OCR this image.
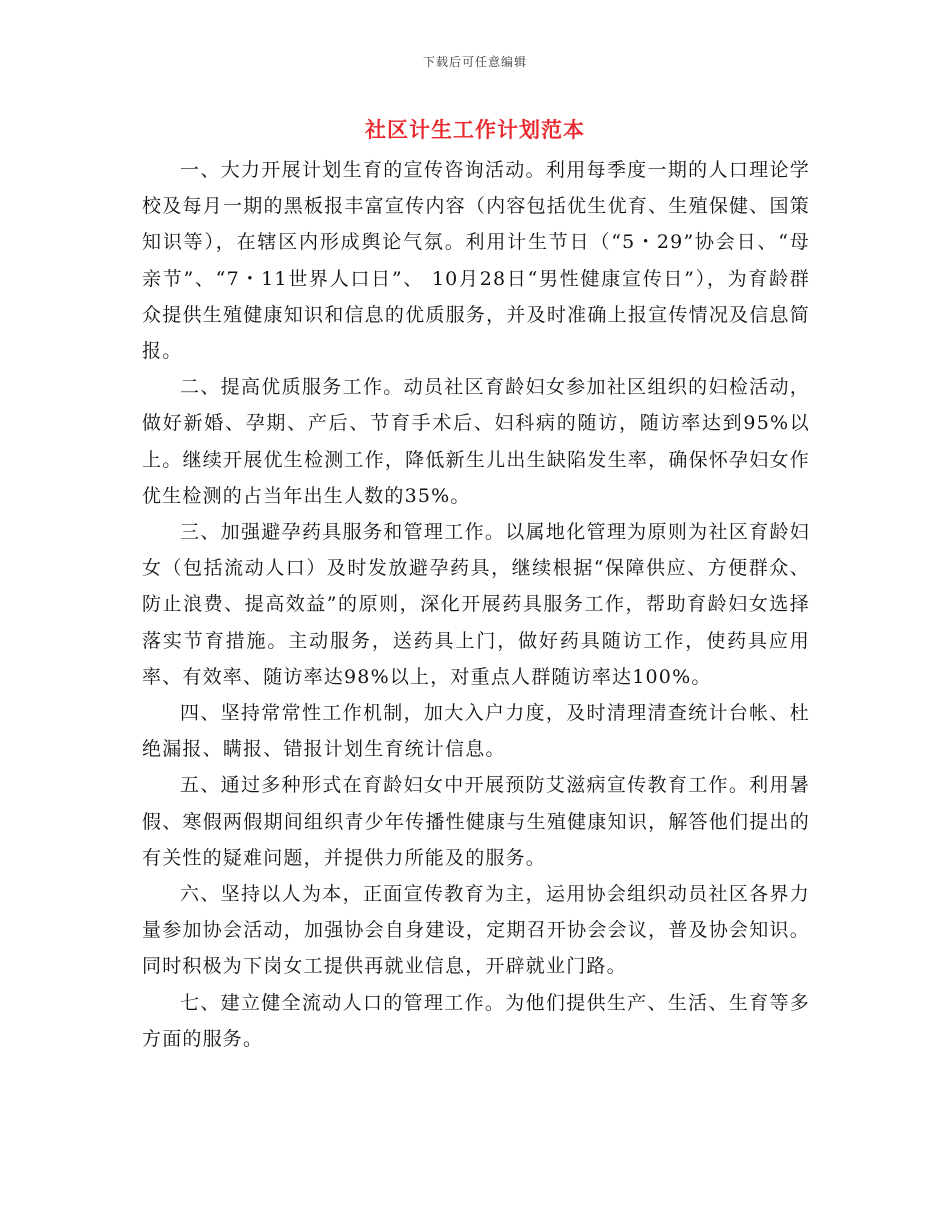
下载后可任意编辑
社区计生工作计划范本

一、大力开展计划生育的宣传咨询活动。利用每季度一期的人口理论学校及每月一期的黑板报丰富宣传内容（内容包括优生优育、生殖保健、国策知识等），在辖区内形成舆论气氛。利用计生节日（“5・29”协会日、“母亲节”、“7・11世界人口日”、 10月28日“男性健康宣传日”），为育龄群众提供生殖健康知识和信息的优质服务，并及时准确上报宣传情况及信息简报。

二、提高优质服务工作。动员社区育龄妇女参加社区组织的妇检活动，做好新婚、孕期、产后、节育手术后、妇科病的随访，随访率达到95%以上。继续开展优生检测工作，降低新生儿出生缺陷发生率，确保怀孕妇女作优生检测的占当年出生人数的35%。

三、加强避孕药具服务和管理工作。以属地化管理为原则为社区育龄妇女（包括流动人口）及时发放避孕药具，继续根据“保障供应、方便群众、防止浪费、提高效益”的原则，深化开展药具服务工作，帮助育龄妇女选择落实节育措施。主动服务，送药具上门，做好药具随访工作，使药具应用率、有效率、随访率达98%以上，对重点人群随访率达100%。

四、坚持常常性工作机制，加大入户力度，及时清理清查统计台帐、杜绝漏报、瞒报、错报计划生育统计信息。

五、通过多种形式在育龄妇女中开展预防艾滋病宣传教育工作。利用暑假、寒假两假期间组织青少年传播性健康与生殖健康知识，解答他们提出的有关性的疑难问题，并提供力所能及的服务。

六、坚持以人为本，正面宣传教育为主，运用协会组织动员社区各界力量参加协会活动，加强协会自身建设，定期召开协会会议，普及协会知识。同时积极为下岗女工提供再就业信息，开辟就业门路。

七、建立健全流动人口的管理工作。为他们提供生产、生活、生育等多方面的服务。
